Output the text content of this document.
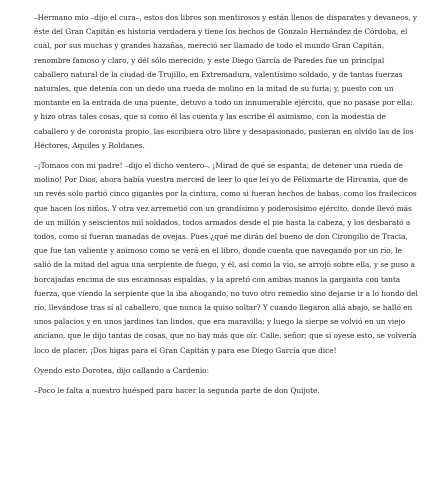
–Hermano mío –dijo el cura–, estos dos libros son mentirosos y están llenos de disparates y devaneos, y éste del Gran Capitán es historia verdadera y tiene los hechos de Gonzalo Hernández de Córdoba, el cual, por sus muchas y grandes hazañas, mereció ser llamado de todo el mundo Gran Capitán, renombre famoso y claro, y dél sólo merecido; y este Diego García de Paredes fue un principal caballero natural de la ciudad de Trujillo, en Extremadura, valentísimo soldado, y de tantas fuerzas naturales, que detenía con un dedo una rueda de molino en la mitad de su furia; y, puesto con un montante en la entrada de una puente, detuvo a todo un innumerable ejército, que no pasase por ella; y hizo otras tales cosas, que si como él las cuenta y las escribe él asimismo, con la modestia de caballero y de coronista propio, las escribiera otro libre y desapasionado, pusieran en olvido las de los Héctores, Aquiles y Roldanes.

–¡Tomaos con mi padre! –dijo el dicho ventero–. ¡Mirad de qué se espanta; de detener una rueda de molino! Por Dios, ahora había vuestra merced de leer lo que leí yo de Félixmarte de Hircania, que de un revés solo partió cinco gigantes por la cintura, como si fueran hechos de habas, como los frailecicos que hacen los niños. Y otra vez arremetió con un grandísimo y poderosísimo ejército, donde llevó más de un millón y seiscientos mil soldados, todos armados desde el pie hasta la cabeza, y los desbarató a todos, como si fueran manadas de ovejas. Pues ¿qué me dirán del bueno de don Cirongilio de Tracia, que fue tan valiente y animoso como se verá en el libro, donde cuenta que navegando por un río, le salió de la mitad del agua una serpiente de fuego, y él, así como la vio, se arrojó sobre ella, y se puso a horcajadas encima de sus escamosas espaldas, y la apretó con ambas manos la garganta con tanta fuerza, que viendo la serpiente que la iba ahogando, no tuvo otro remedio sino dejarse ir a lo hondo del río, llevándose tras sí al caballero, que nunca la quiso soltar? Y cuando llegaron allá abajo, se halló en unos palacios y en unos jardines tan lindos, que era maravilla; y luego la sierpe se volvió en un viejo anciano, que le dijo tantas de cosas, que no hay más que oír. Calle, señor; que si oyese esto, se volvería loco de placer. ¡Dos higas para el Gran Capitán y para ese Diego García que dice!

Oyendo esto Dorotea, dijo callando a Cardenio:

–Poco le falta a nuestro huésped para hacer la segunda parte de don Quijote.
